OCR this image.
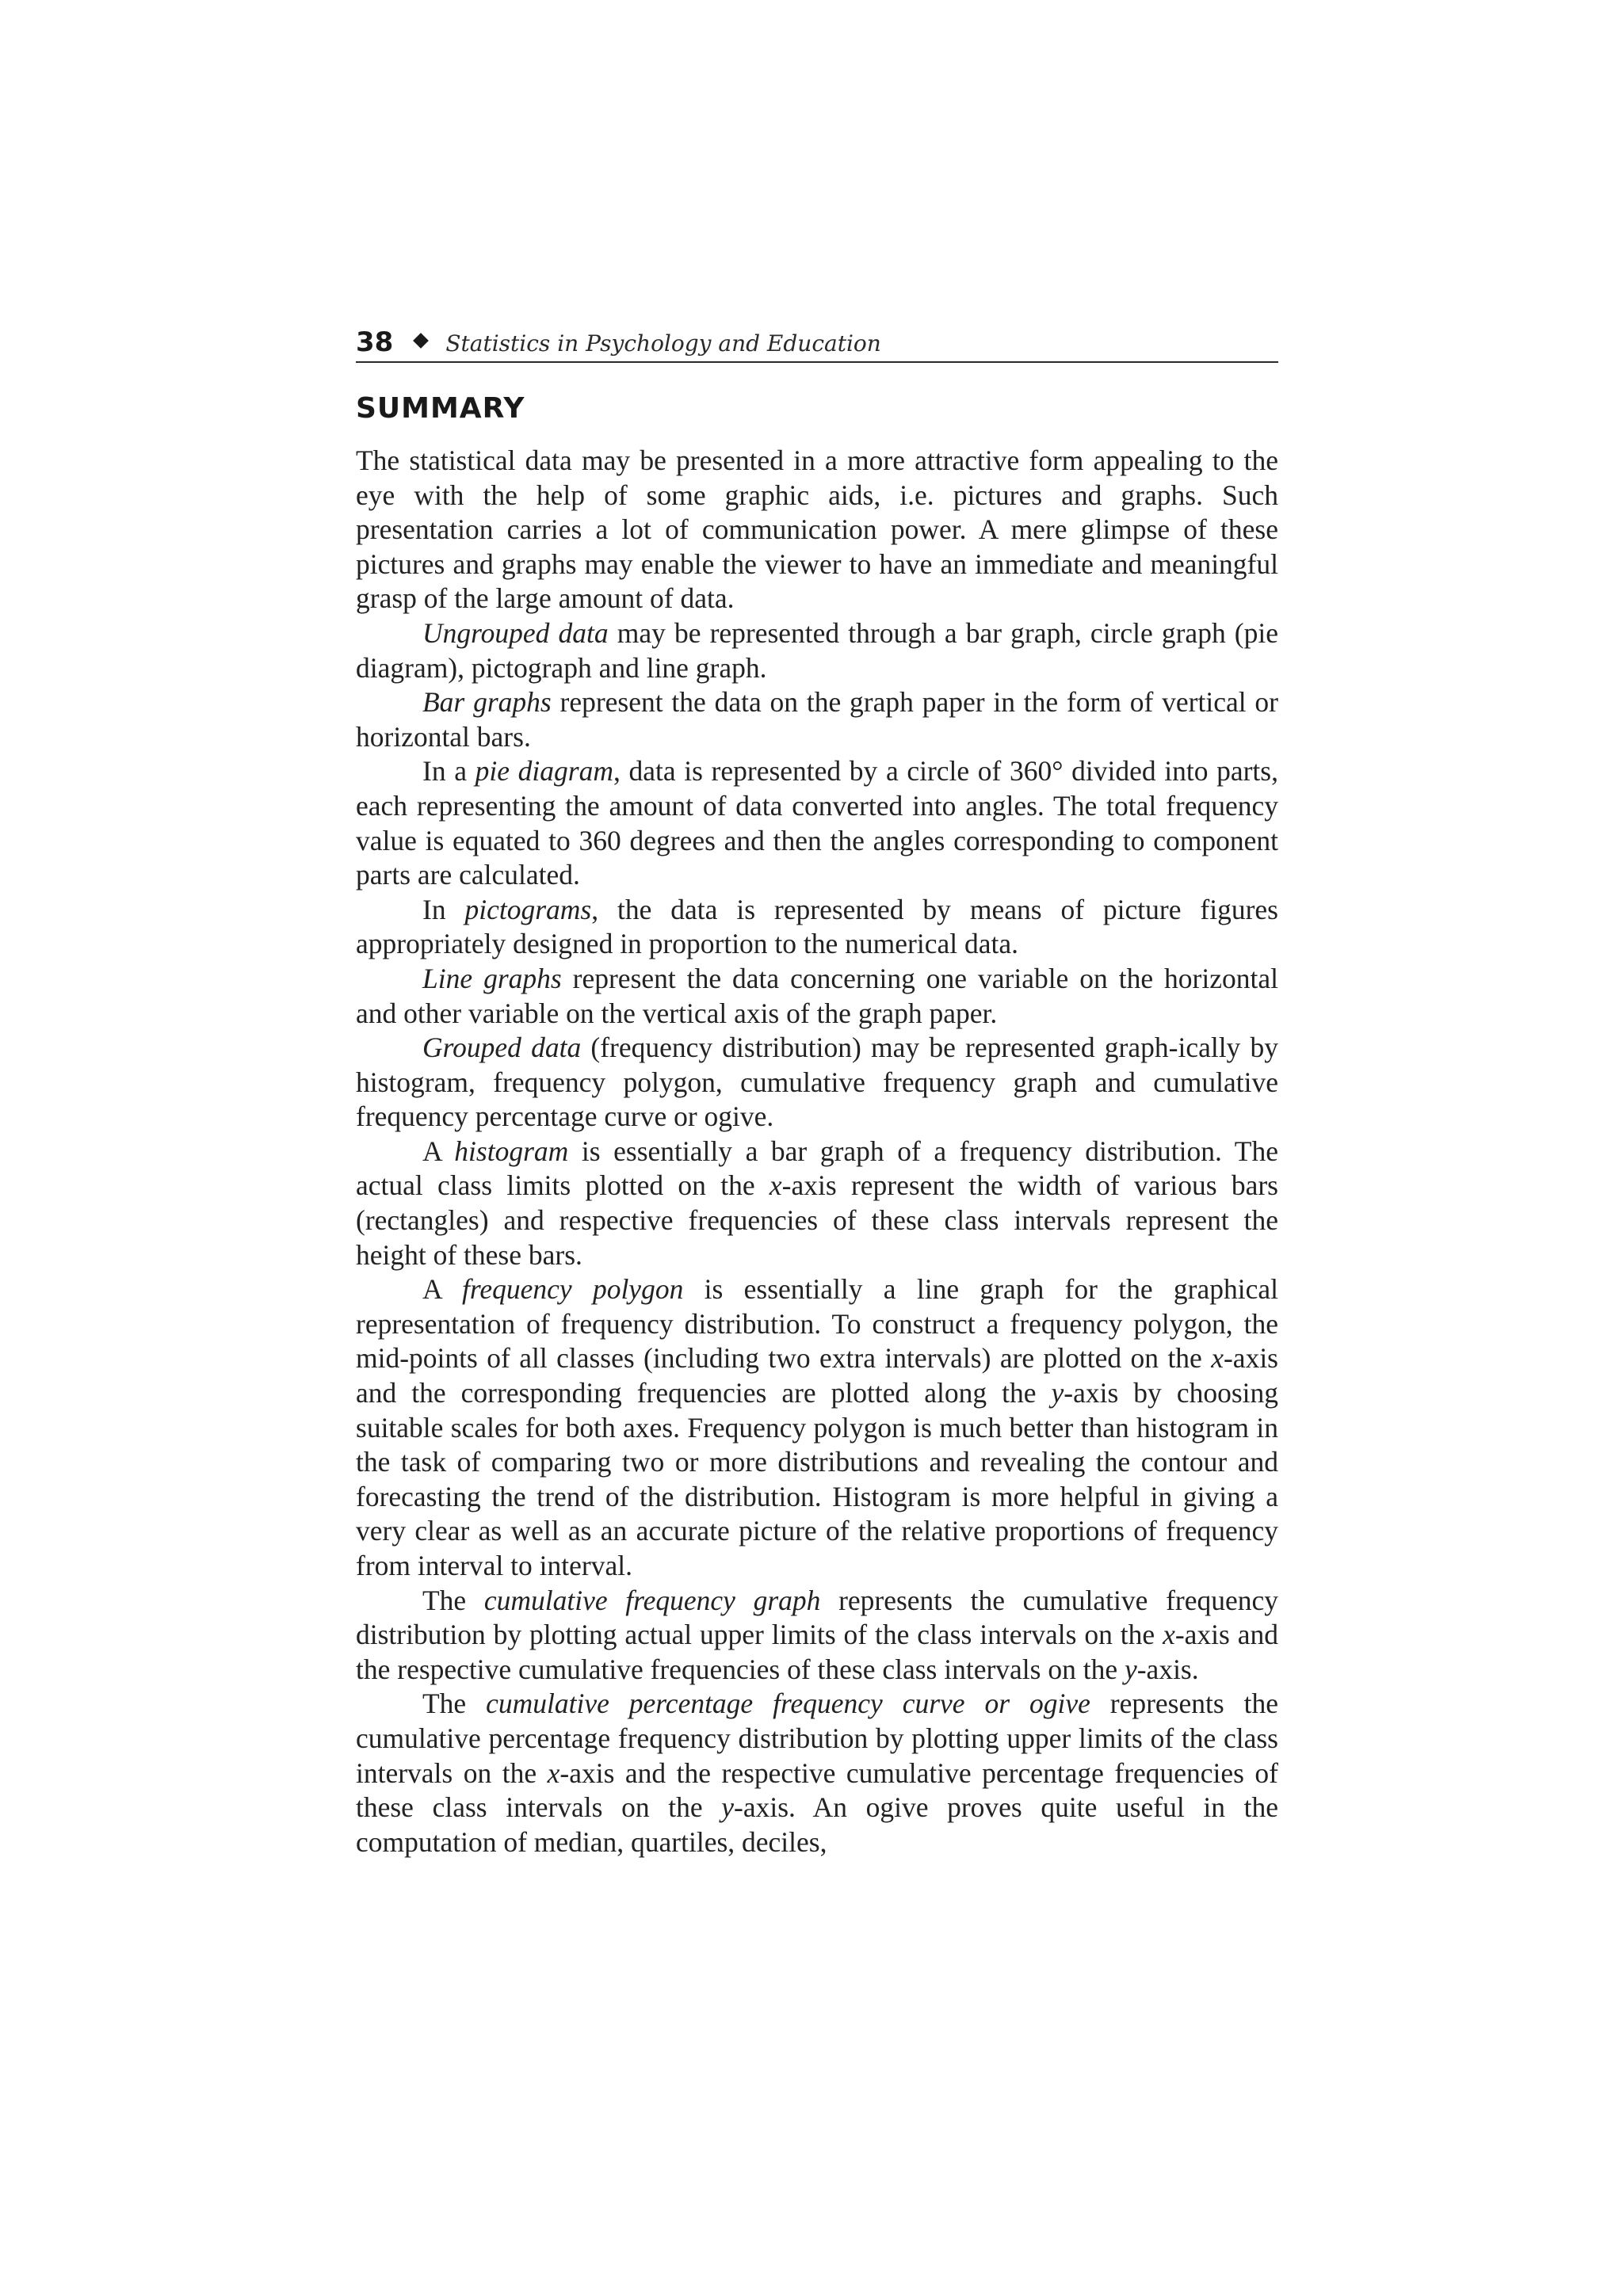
38 Statistics in Psychology and Education
SUMMARY

The statistical data may be presented in a more attractive form appealing to the eye with the help of some graphic aids, i.e. pictures and graphs. Such presentation carries a lot of communication power. A mere glimpse of these pictures and graphs may enable the viewer to have an immediate and meaningful grasp of the large amount of data.

Ungrouped data may be represented through a bar graph, circle graph (pie diagram), pictograph and line graph.

Bar graphs represent the data on the graph paper in the form of vertical or horizontal bars.

In a pie diagram, data is represented by a circle of 360° divided into parts, each representing the amount of data converted into angles. The total frequency value is equated to 360 degrees and then the angles corresponding to component parts are calculated.

In pictograms, the data is represented by means of picture figures appropriately designed in proportion to the numerical data.

Line graphs represent the data concerning one variable on the horizontal and other variable on the vertical axis of the graph paper.

Grouped data (frequency distribution) may be represented graph-ically by histogram, frequency polygon, cumulative frequency graph and cumulative frequency percentage curve or ogive.

A histogram is essentially a bar graph of a frequency distribution. The actual class limits plotted on the x-axis represent the width of various bars (rectangles) and respective frequencies of these class intervals represent the height of these bars.

A frequency polygon is essentially a line graph for the graphical representation of frequency distribution. To construct a frequency polygon, the mid-points of all classes (including two extra intervals) are plotted on the x-axis and the corresponding frequencies are plotted along the y-axis by choosing suitable scales for both axes. Frequency polygon is much better than histogram in the task of comparing two or more distributions and revealing the contour and forecasting the trend of the distribution. Histogram is more helpful in giving a very clear as well as an accurate picture of the relative proportions of frequency from interval to interval.

The cumulative frequency graph represents the cumulative frequency distribution by plotting actual upper limits of the class intervals on the x-axis and the respective cumulative frequencies of these class intervals on the y-axis.

The cumulative percentage frequency curve or ogive represents the cumulative percentage frequency distribution by plotting upper limits of the class intervals on the x-axis and the respective cumulative percentage frequencies of these class intervals on the y-axis. An ogive proves quite useful in the computation of median, quartiles, deciles,
